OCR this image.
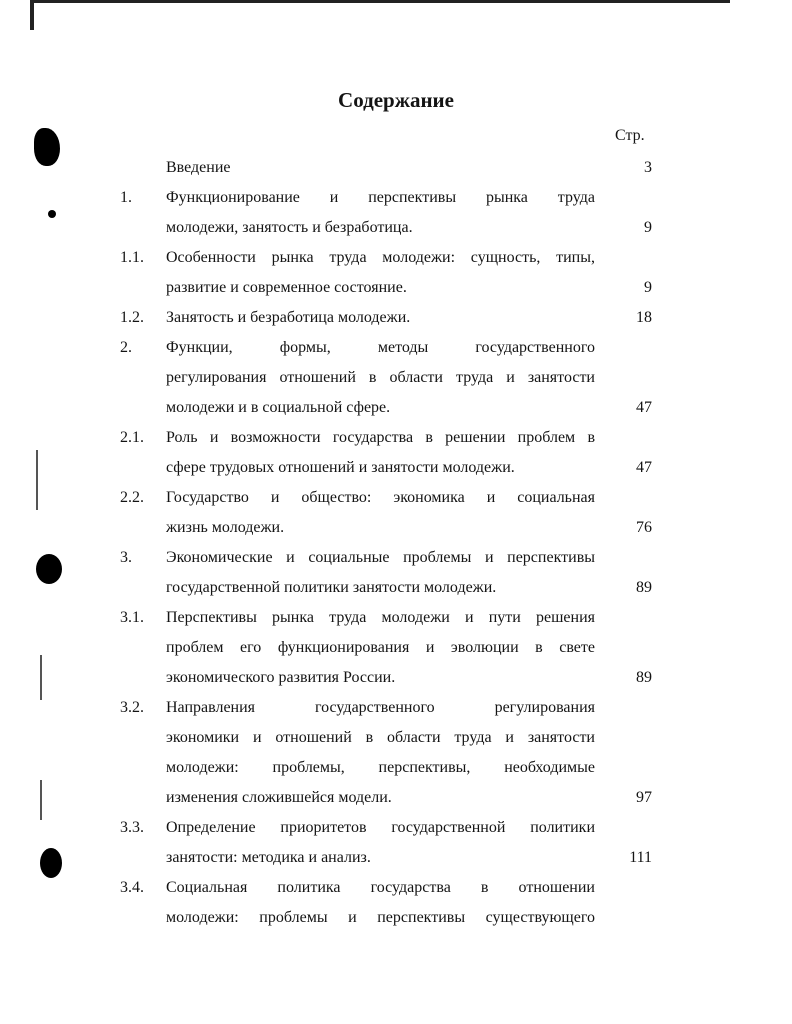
Содержание
Стр.
Введение	3
1. Функционирование и перспективы рынка труда
молодежи, занятость и безработица.	9
1.1. Особенности рынка труда молодежи: сущность, типы,
развитие и современное состояние.	9
1.2. Занятость и безработица молодежи.	18
2. Функции, формы, методы государственного
регулирования отношений в области труда и занятости
молодежи и в социальной сфере.	47
2.1. Роль и возможности государства в решении проблем в
сфере трудовых отношений и занятости молодежи.	47
2.2. Государство и общество: экономика и социальная
жизнь молодежи.	76
3. Экономические и социальные проблемы и перспективы
государственной политики занятости молодежи.	89
3.1. Перспективы рынка труда молодежи и пути решения
проблем его функционирования и эволюции в свете
экономического развития России.	89
3.2. Направления государственного регулирования
экономики и отношений в области труда и занятости
молодежи: проблемы, перспективы, необходимые
изменения сложившейся модели.	97
3.3. Определение приоритетов государственной политики
занятости: методика и анализ.	111
3.4. Социальная политика государства в отношении
молодежи: проблемы и перспективы существующего
